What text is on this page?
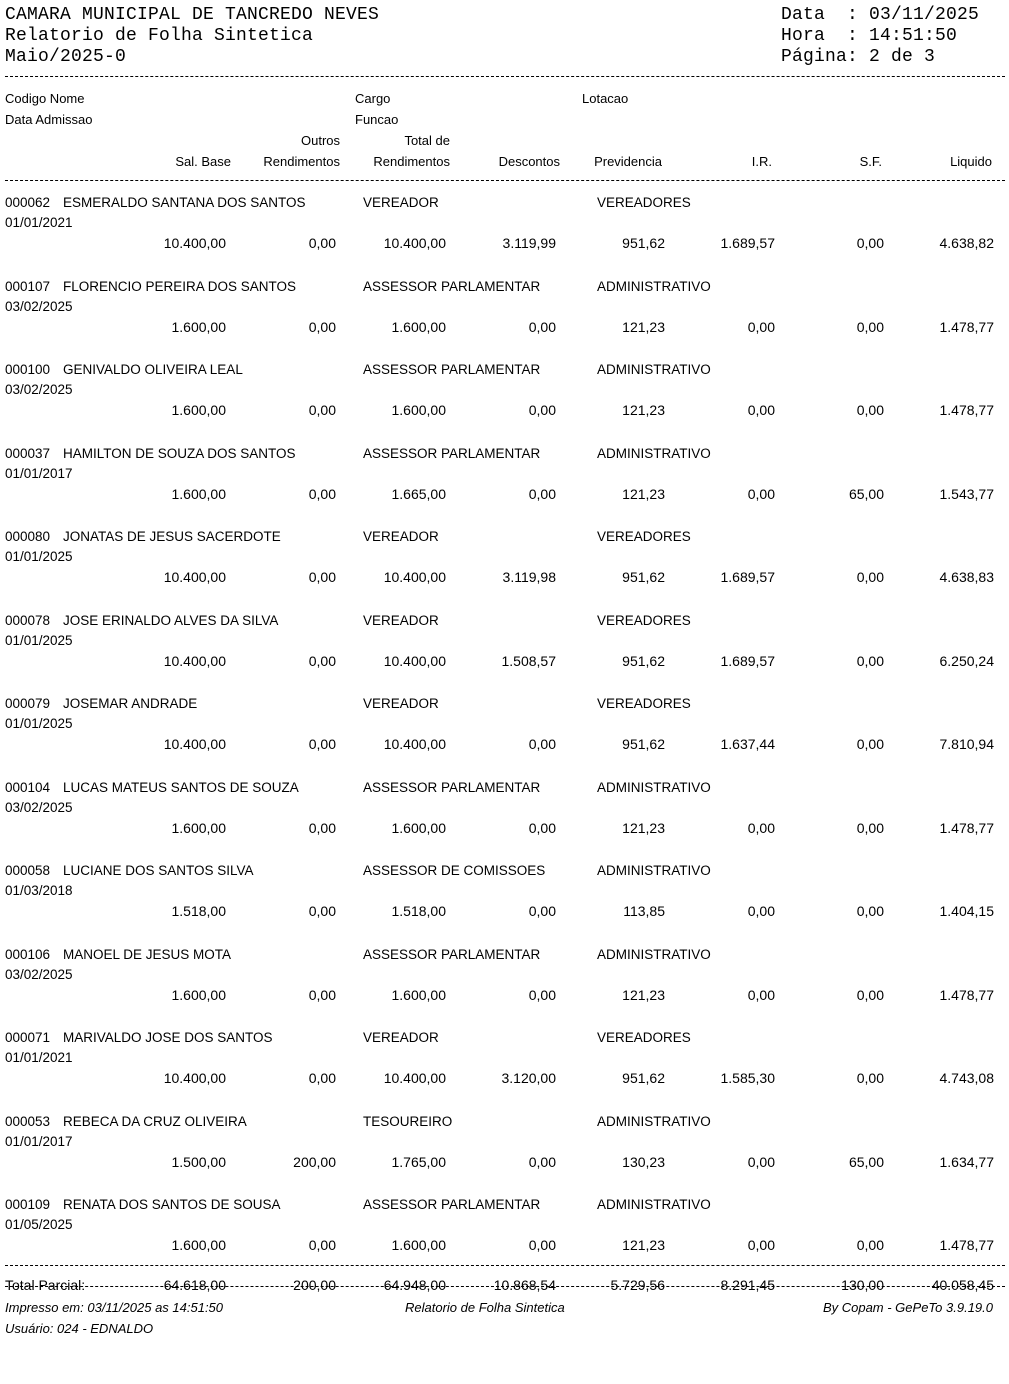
CAMARA MUNICIPAL DE TANCREDO NEVES
Relatorio de Folha Sintetica
Maio/2025-0
Data  : 03/11/2025
Hora  : 14:51:50
Página: 2 de 3
Codigo Nome	Cargo	Lotacao
Data Admissao	Funcao
Outros	Total de
Sal. Base	Rendimentos	Rendimentos	Descontos	Previdencia	I.R.	S.F.	Liquido
000062 ESMERALDO SANTANA DOS SANTOS	VEREADOR	VEREADORES
01/01/2021
10.400,00	0,00	10.400,00	3.119,99	951,62	1.689,57	0,00	4.638,82
000107 FLORENCIO PEREIRA DOS SANTOS	ASSESSOR PARLAMENTAR	ADMINISTRATIVO
03/02/2025
1.600,00	0,00	1.600,00	0,00	121,23	0,00	0,00	1.478,77
000100 GENIVALDO OLIVEIRA LEAL	ASSESSOR PARLAMENTAR	ADMINISTRATIVO
03/02/2025
1.600,00	0,00	1.600,00	0,00	121,23	0,00	0,00	1.478,77
000037 HAMILTON DE SOUZA DOS SANTOS	ASSESSOR PARLAMENTAR	ADMINISTRATIVO
01/01/2017
1.600,00	0,00	1.665,00	0,00	121,23	0,00	65,00	1.543,77
000080 JONATAS DE JESUS SACERDOTE	VEREADOR	VEREADORES
01/01/2025
10.400,00	0,00	10.400,00	3.119,98	951,62	1.689,57	0,00	4.638,83
000078 JOSE ERINALDO ALVES DA SILVA	VEREADOR	VEREADORES
01/01/2025
10.400,00	0,00	10.400,00	1.508,57	951,62	1.689,57	0,00	6.250,24
000079 JOSEMAR ANDRADE	VEREADOR	VEREADORES
01/01/2025
10.400,00	0,00	10.400,00	0,00	951,62	1.637,44	0,00	7.810,94
000104 LUCAS MATEUS SANTOS DE SOUZA	ASSESSOR PARLAMENTAR	ADMINISTRATIVO
03/02/2025
1.600,00	0,00	1.600,00	0,00	121,23	0,00	0,00	1.478,77
000058 LUCIANE DOS SANTOS SILVA	ASSESSOR DE COMISSOES	ADMINISTRATIVO
01/03/2018
1.518,00	0,00	1.518,00	0,00	113,85	0,00	0,00	1.404,15
000106 MANOEL DE JESUS MOTA	ASSESSOR PARLAMENTAR	ADMINISTRATIVO
03/02/2025
1.600,00	0,00	1.600,00	0,00	121,23	0,00	0,00	1.478,77
000071 MARIVALDO JOSE DOS SANTOS	VEREADOR	VEREADORES
01/01/2021
10.400,00	0,00	10.400,00	3.120,00	951,62	1.585,30	0,00	4.743,08
000053 REBECA DA CRUZ OLIVEIRA	TESOUREIRO	ADMINISTRATIVO
01/01/2017
1.500,00	200,00	1.765,00	0,00	130,23	0,00	65,00	1.634,77
000109 RENATA DOS SANTOS DE SOUSA	ASSESSOR PARLAMENTAR	ADMINISTRATIVO
01/05/2025
1.600,00	0,00	1.600,00	0,00	121,23	0,00	0,00	1.478,77
Total Parcial:	64.618,00	200,00	64.948,00	10.868,54	5.729,56	8.291,45	130,00	40.058,45
Impresso em: 03/11/2025 as 14:51:50	Relatorio de Folha Sintetica	By Copam - GePeTo 3.9.19.0
Usuário: 024 - EDNALDO
